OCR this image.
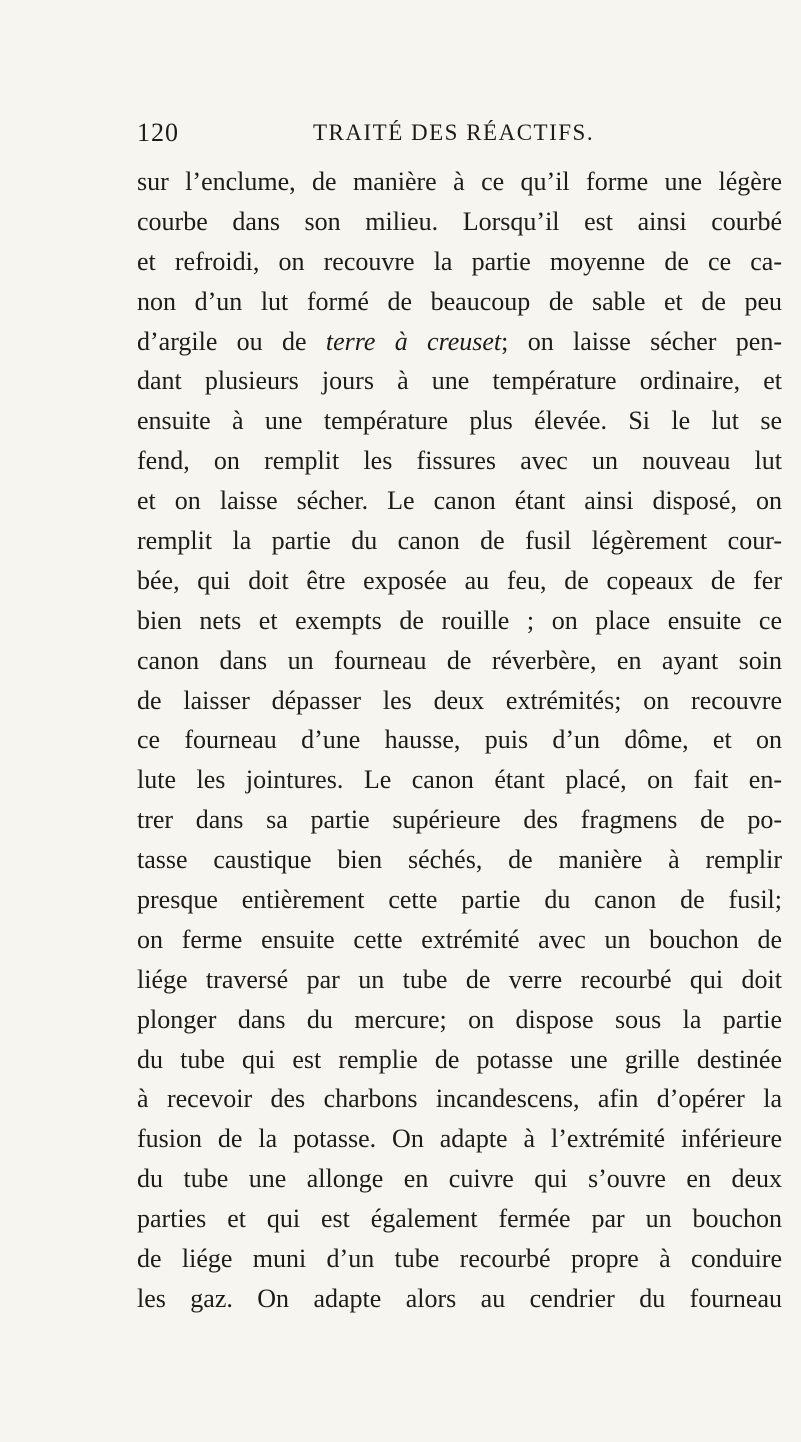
120	TRAITÉ DES RÉACTIFS.
sur l’enclume, de manière à ce qu’il forme une légère
courbe dans son milieu. Lorsqu’il est ainsi courbé
et refroidi, on recouvre la partie moyenne de ce ca-
non d’un lut formé de beaucoup de sable et de peu
d’argile ou de terre à creuset; on laisse sécher pen-
dant plusieurs jours à une température ordinaire, et
ensuite à une température plus élevée. Si le lut se
fend, on remplit les fissures avec un nouveau lut
et on laisse sécher. Le canon étant ainsi disposé, on
remplit la partie du canon de fusil légèrement cour-
bée, qui doit être exposée au feu, de copeaux de fer
bien nets et exempts de rouille ; on place ensuite ce
canon dans un fourneau de réverbère, en ayant soin
de laisser dépasser les deux extrémités; on recouvre
ce fourneau d’une hausse, puis d’un dôme, et on
lute les jointures. Le canon étant placé, on fait en-
trer dans sa partie supérieure des fragmens de po-
tasse caustique bien séchés, de manière à remplir
presque entièrement cette partie du canon de fusil;
on ferme ensuite cette extrémité avec un bouchon de
liége traversé par un tube de verre recourbé qui doit
plonger dans du mercure; on dispose sous la partie
du tube qui est remplie de potasse une grille destinée
à recevoir des charbons incandescens, afin d’opérer la
fusion de la potasse. On adapte à l’extrémité inférieure
du tube une allonge en cuivre qui s’ouvre en deux
parties et qui est également fermée par un bouchon
de liége muni d’un tube recourbé propre à conduire
les gaz. On adapte alors au cendrier du fourneau
